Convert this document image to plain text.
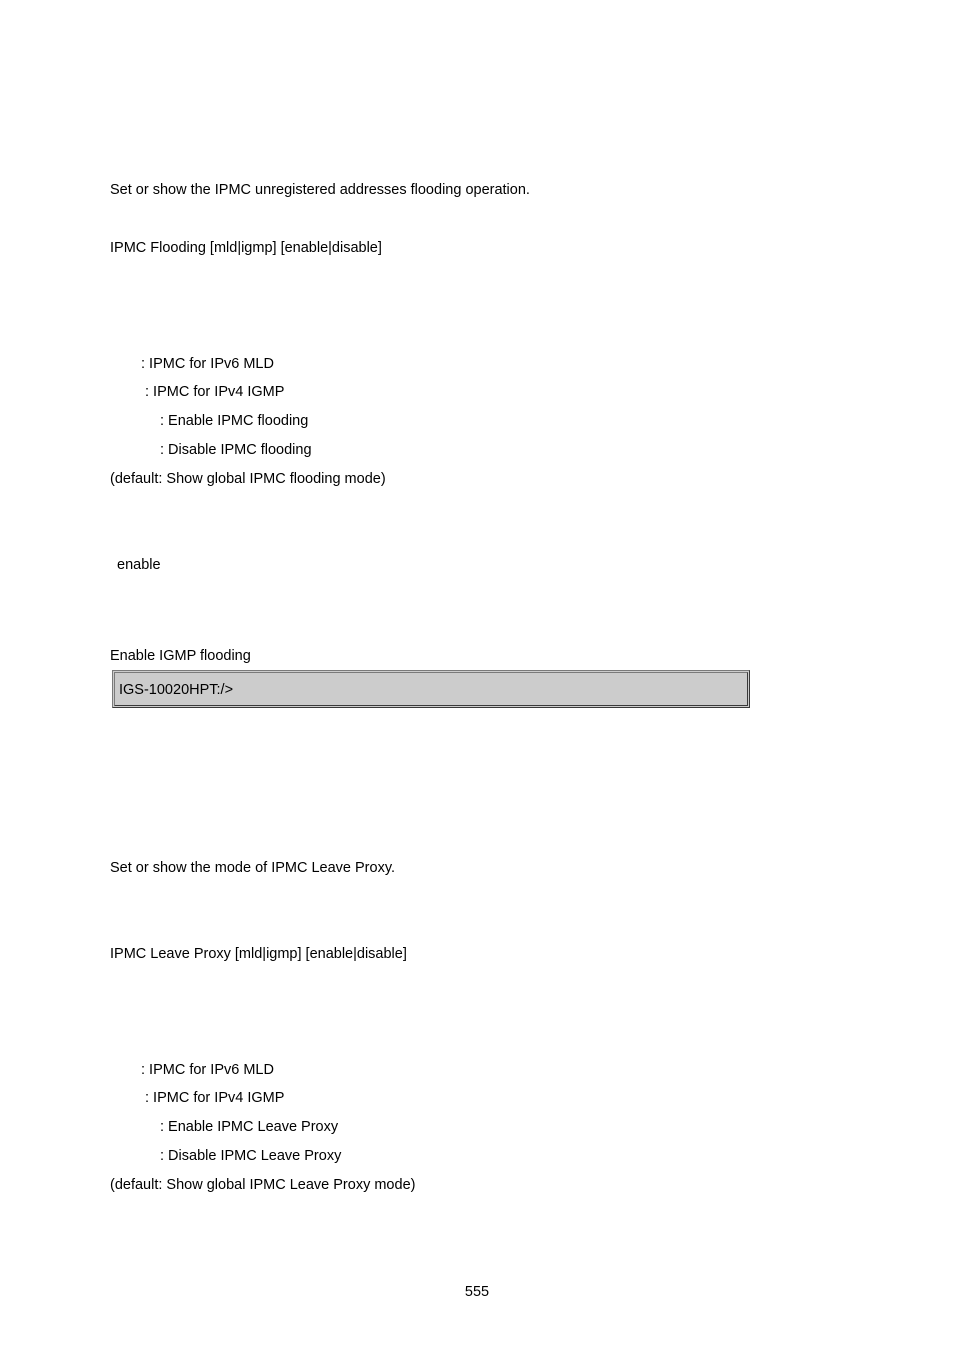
Set or show the IPMC unregistered addresses flooding operation.
IPMC Flooding [mld|igmp] [enable|disable]
: IPMC for IPv6 MLD
: IPMC for IPv4 IGMP
: Enable IPMC flooding
: Disable IPMC flooding
(default: Show global IPMC flooding mode)
enable
Enable IGMP flooding
IGS-10020HPT:/>
Set or show the mode of IPMC Leave Proxy.
IPMC Leave Proxy [mld|igmp] [enable|disable]
: IPMC for IPv6 MLD
: IPMC for IPv4 IGMP
: Enable IPMC Leave Proxy
: Disable IPMC Leave Proxy
(default: Show global IPMC Leave Proxy mode)
555
